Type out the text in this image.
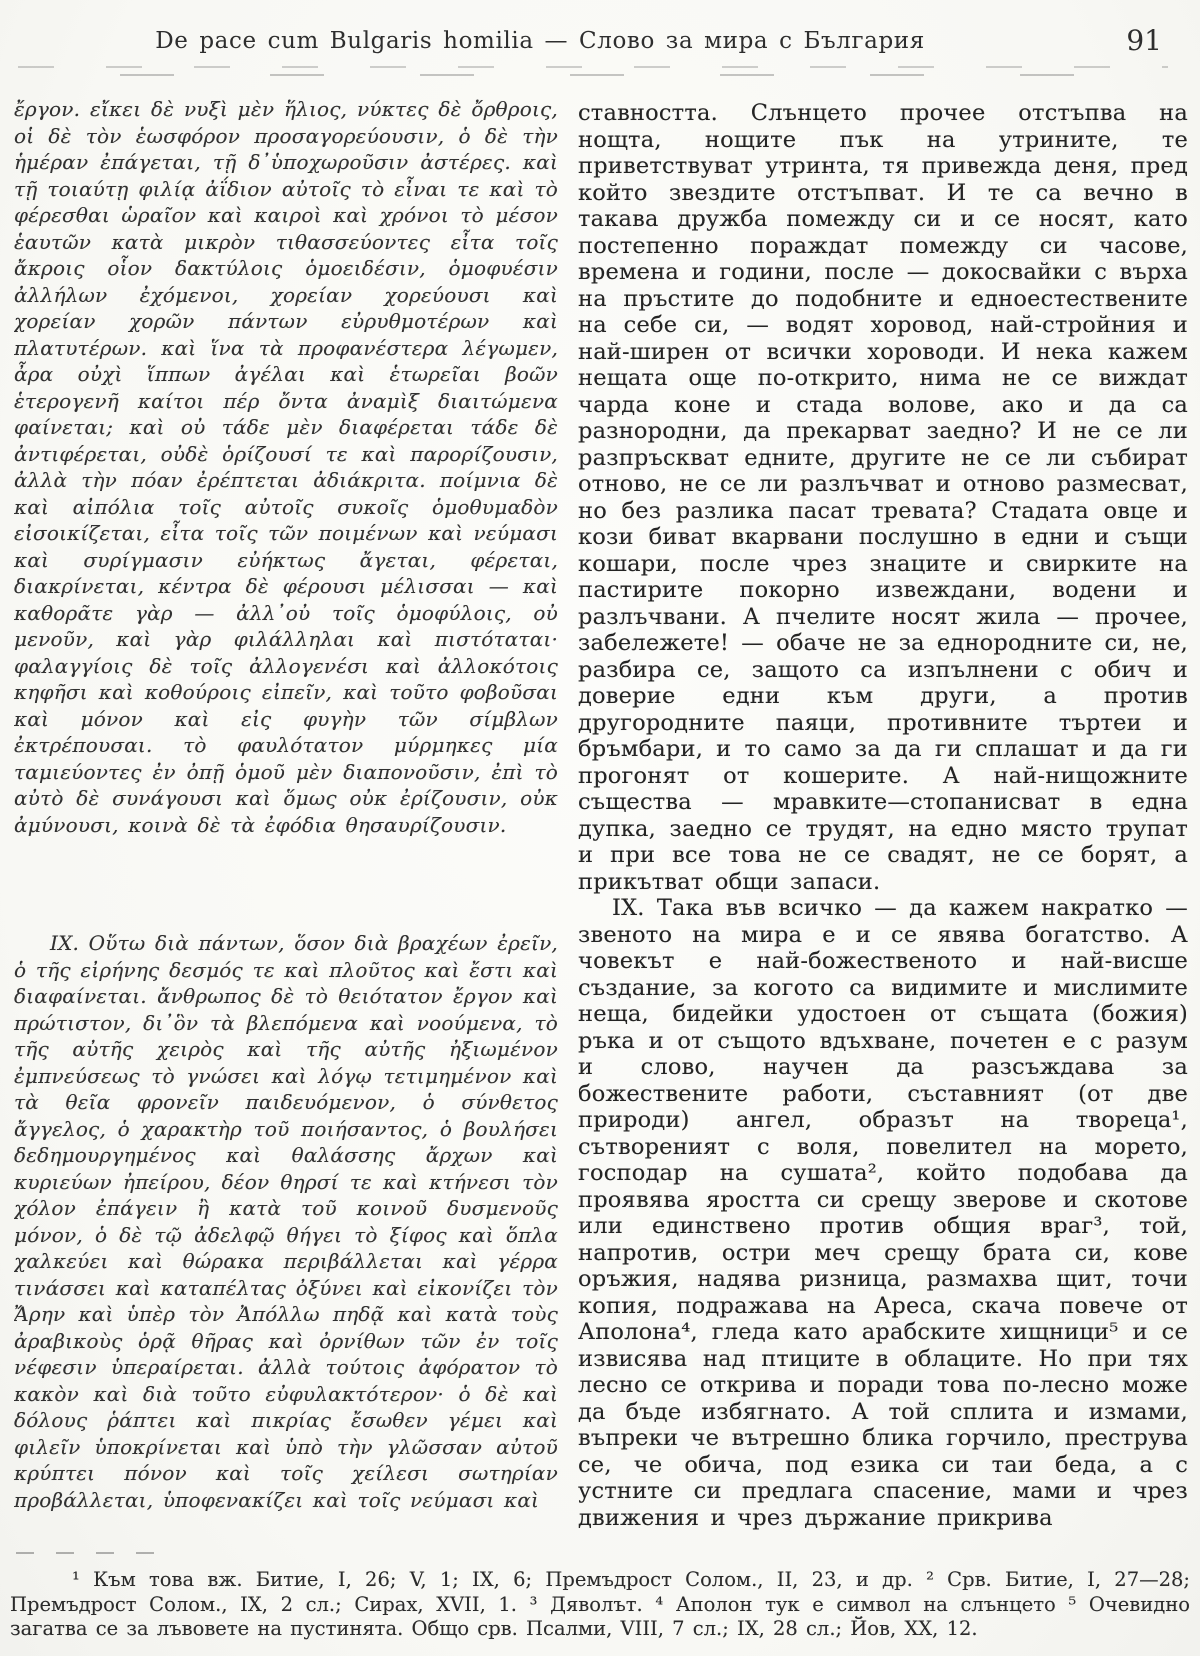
De pace cum Bulgaris homilia — Слово за мира с България	91

ἔργον. εἴκει δὲ νυξὶ μὲν ἥλιος, νύκτες δὲ ὄρθροις, οἱ δὲ τὸν ἑωσφόρον προσαγορεύουσιν, ὁ δὲ τὴν ἡμέραν ἐπάγεται, τῇ δ᾽ὑποχωροῦσιν ἀστέρες. καὶ τῇ τοιαύτῃ φιλίᾳ ἀΐδιον αὐτοῖς τὸ εἶναι τε καὶ τὸ φέρεσθαι ὡραῖον καὶ καιροὶ καὶ χρόνοι τὸ μέσον ἑαυτῶν κατὰ μικρὸν τιθασσεύοντες εἶτα τοῖς ἄκροις οἷον δακτύλοις ὁμοειδέσιν, ὁμοφυέσιν ἀλλήλων ἐχόμενοι, χορείαν χορεύουσι καὶ χορείαν χορῶν πάντων εὐρυθμοτέρων καὶ πλατυτέρων. καὶ ἵνα τὰ προφανέστερα λέγωμεν, ἆρα οὐχὶ ἵππων ἀγέλαι καὶ ἑτωρεῖαι βοῶν ἑτερογενῆ καίτοι πέρ ὄντα ἀναμὶξ διαιτώμενα φαίνεται; καὶ οὐ τάδε μὲν διαφέρεται τάδε δὲ ἀντιφέρεται, οὐδὲ ὁρίζουσί τε καὶ παρορίζουσιν, ἀλλὰ τὴν πόαν ἐρέπτεται ἀδιάκριτα. ποίμνια δὲ καὶ αἰπόλια τοῖς αὐτοῖς συκοῖς ὁμοθυμαδὸν εἰσοικίζεται, εἶτα τοῖς τῶν ποιμένων καὶ νεύμασι καὶ συρίγμασιν εὐήκτως ἄγεται, φέρεται, διακρίνεται, κέντρα δὲ φέρουσι μέλισσαι — καὶ καθορᾶτε γὰρ — ἀλλ᾽οὐ τοῖς ὁμοφύλοις, οὐ μενοῦν, καὶ γὰρ φιλάλληλαι καὶ πιστόταται· φαλαγγίοις δὲ τοῖς ἀλλογενέσι καὶ ἀλλοκότοις κηφῆσι καὶ κοθούροις εἰπεῖν, καὶ τοῦτο φοβοῦσαι καὶ μόνον καὶ εἰς φυγὴν τῶν σίμβλων ἐκτρέπουσαι. τὸ φαυλότατον μύρμηκες μία ταμιεύοντες ἐν ὀπῇ ὁμοῦ μὲν διαπονοῦσιν, ἐπὶ τὸ αὐτὸ δὲ συνάγουσι καὶ ὅμως οὐκ ἐρίζουσιν, οὐκ ἀμύνουσι, κοινὰ δὲ τὰ ἐφόδια θησαυρίζουσιν.

IX. Οὕτω διὰ πάντων, ὅσον διὰ βραχέων ἐρεῖν, ὁ τῆς εἰρήνης δεσμός τε καὶ πλοῦτος καὶ ἔστι καὶ διαφαίνεται. ἄνθρωπος δὲ τὸ θειότατον ἔργον καὶ πρώτιστον, δι᾽ὃν τὰ βλεπόμενα καὶ νοούμενα, τὸ τῆς αὐτῆς χειρὸς καὶ τῆς αὐτῆς ἠξιωμένον ἐμπνεύσεως τὸ γνώσει καὶ λόγῳ τετιμημένον καὶ τὰ θεῖα φρονεῖν παιδευόμενον, ὁ σύνθετος ἄγγελος, ὁ χαρακτὴρ τοῦ ποιήσαντος, ὁ βουλήσει δεδημουργημένος καὶ θαλάσσης ἄρχων καὶ κυριεύων ἠπείρου, δέον θηρσί τε καὶ κτήνεσι τὸν χόλον ἐπάγειν ἢ κατὰ τοῦ κοινοῦ δυσμενοῦς μόνον, ὁ δὲ τῷ ἀδελφῷ θήγει τὸ ξίφος καὶ ὅπλα χαλκεύει καὶ θώρακα περιβάλλεται καὶ γέρρα τινάσσει καὶ καταπέλτας ὀξύνει καὶ εἰκονίζει τὸν Ἄρην καὶ ὑπὲρ τὸν Ἀπόλλω πηδᾷ καὶ κατὰ τοὺς ἀραβικοὺς ὁρᾷ θῆρας καὶ ὀρνίθων τῶν ἐν τοῖς νέφεσιν ὑπεραίρεται. ἀλλὰ τούτοις ἀφόρατον τὸ κακὸν καὶ διὰ τοῦτο εὐφυλακτότερον· ὁ δὲ καὶ δόλους ῥάπτει καὶ πικρίας ἔσωθεν γέμει καὶ φιλεῖν ὑποκρίνεται καὶ ὑπὸ τὴν γλῶσσαν αὐτοῦ κρύπτει πόνον καὶ τοῖς χείλεσι σωτηρίαν προβάλλεται, ὑποφενακίζει καὶ τοῖς νεύμασι καὶ

ставността. Слънцето прочее отстъпва на нощта, нощите пък на утрините, те приветствуват утринта, тя привежда деня, пред който звездите отстъпват. И те са вечно в такава дружба помежду си и се носят, като постепенно пораждат помежду си часове, времена и години, после — докосвайки с върха на пръстите до подобните и едноестествените на себе си, — водят хоровод, най-стройния и най-ширен от всички хороводи. И нека кажем нещата още по-открито, нима не се виждат чарда коне и стада волове, ако и да са разнородни, да прекарват заедно? И не се ли разпръскват едните, другите не се ли събират отново, не се ли разлъчват и отново размесват, но без разлика пасат тревата? Стадата овце и кози биват вкарвани послушно в едни и същи кошари, после чрез знаците и свирките на пастирите покорно извеждани, водени и разлъчвани. А пчелите носят жила — прочее, забележете! — обаче не за еднородните си, не, разбира се, защото са изпълнени с обич и доверие едни към други, а против другородните паяци, противните търтеи и бръмбари, и то само за да ги сплашат и да ги прогонят от кошерите. А най-нищожните същества — мравките—стопанисват в една дупка, заедно се трудят, на едно място трупат и при все това не се свадят, не се борят, а прикътват общи запаси.

IX. Така във всичко — да кажем накратко — звеното на мира е и се явява богатство. А човекът е най-божественото и най-висше създание, за когото са видимите и мислимите неща, бидейки удостоен от същата (божия) ръка и от същото вдъхване, почетен е с разум и слово, научен да разсъждава за божествените работи, съставният (от две природи) ангел, образът на твореца¹, сътвореният с воля, повелител на морето, господар на сушата², който подобава да проявява яростта си срещу зверове и скотове или единствено против общия враг³, той, напротив, остри меч срещу брата си, кове оръжия, надява ризница, размахва щит, точи копия, подражава на Ареса, скача повече от Аполона⁴, гледа като арабските хищници⁵ и се извисява над птиците в облаците. Но при тях лесно се открива и поради това по-лесно може да бъде избягнато. А той сплита и измами, въпреки че вътрешно блика горчило, преструва се, че обича, под езика си таи беда, а с устните си предлага спасение, мами и чрез движения и чрез държание прикрива

¹ Към това вж. Битие, I, 26; V, 1; IX, 6; Премъдрост Солом., II, 23, и др. ² Срв. Битие, I, 27—28; Премъдрост Солом., IX, 2 сл.; Сирах, XVII, 1. ³ Дяволът. ⁴ Аполон тук е символ на слънцето ⁵ Очевидно загатва се за лъвовете на пустинята. Общо срв. Псалми, VIII, 7 сл.; IX, 28 сл.; Йов, XX, 12.
